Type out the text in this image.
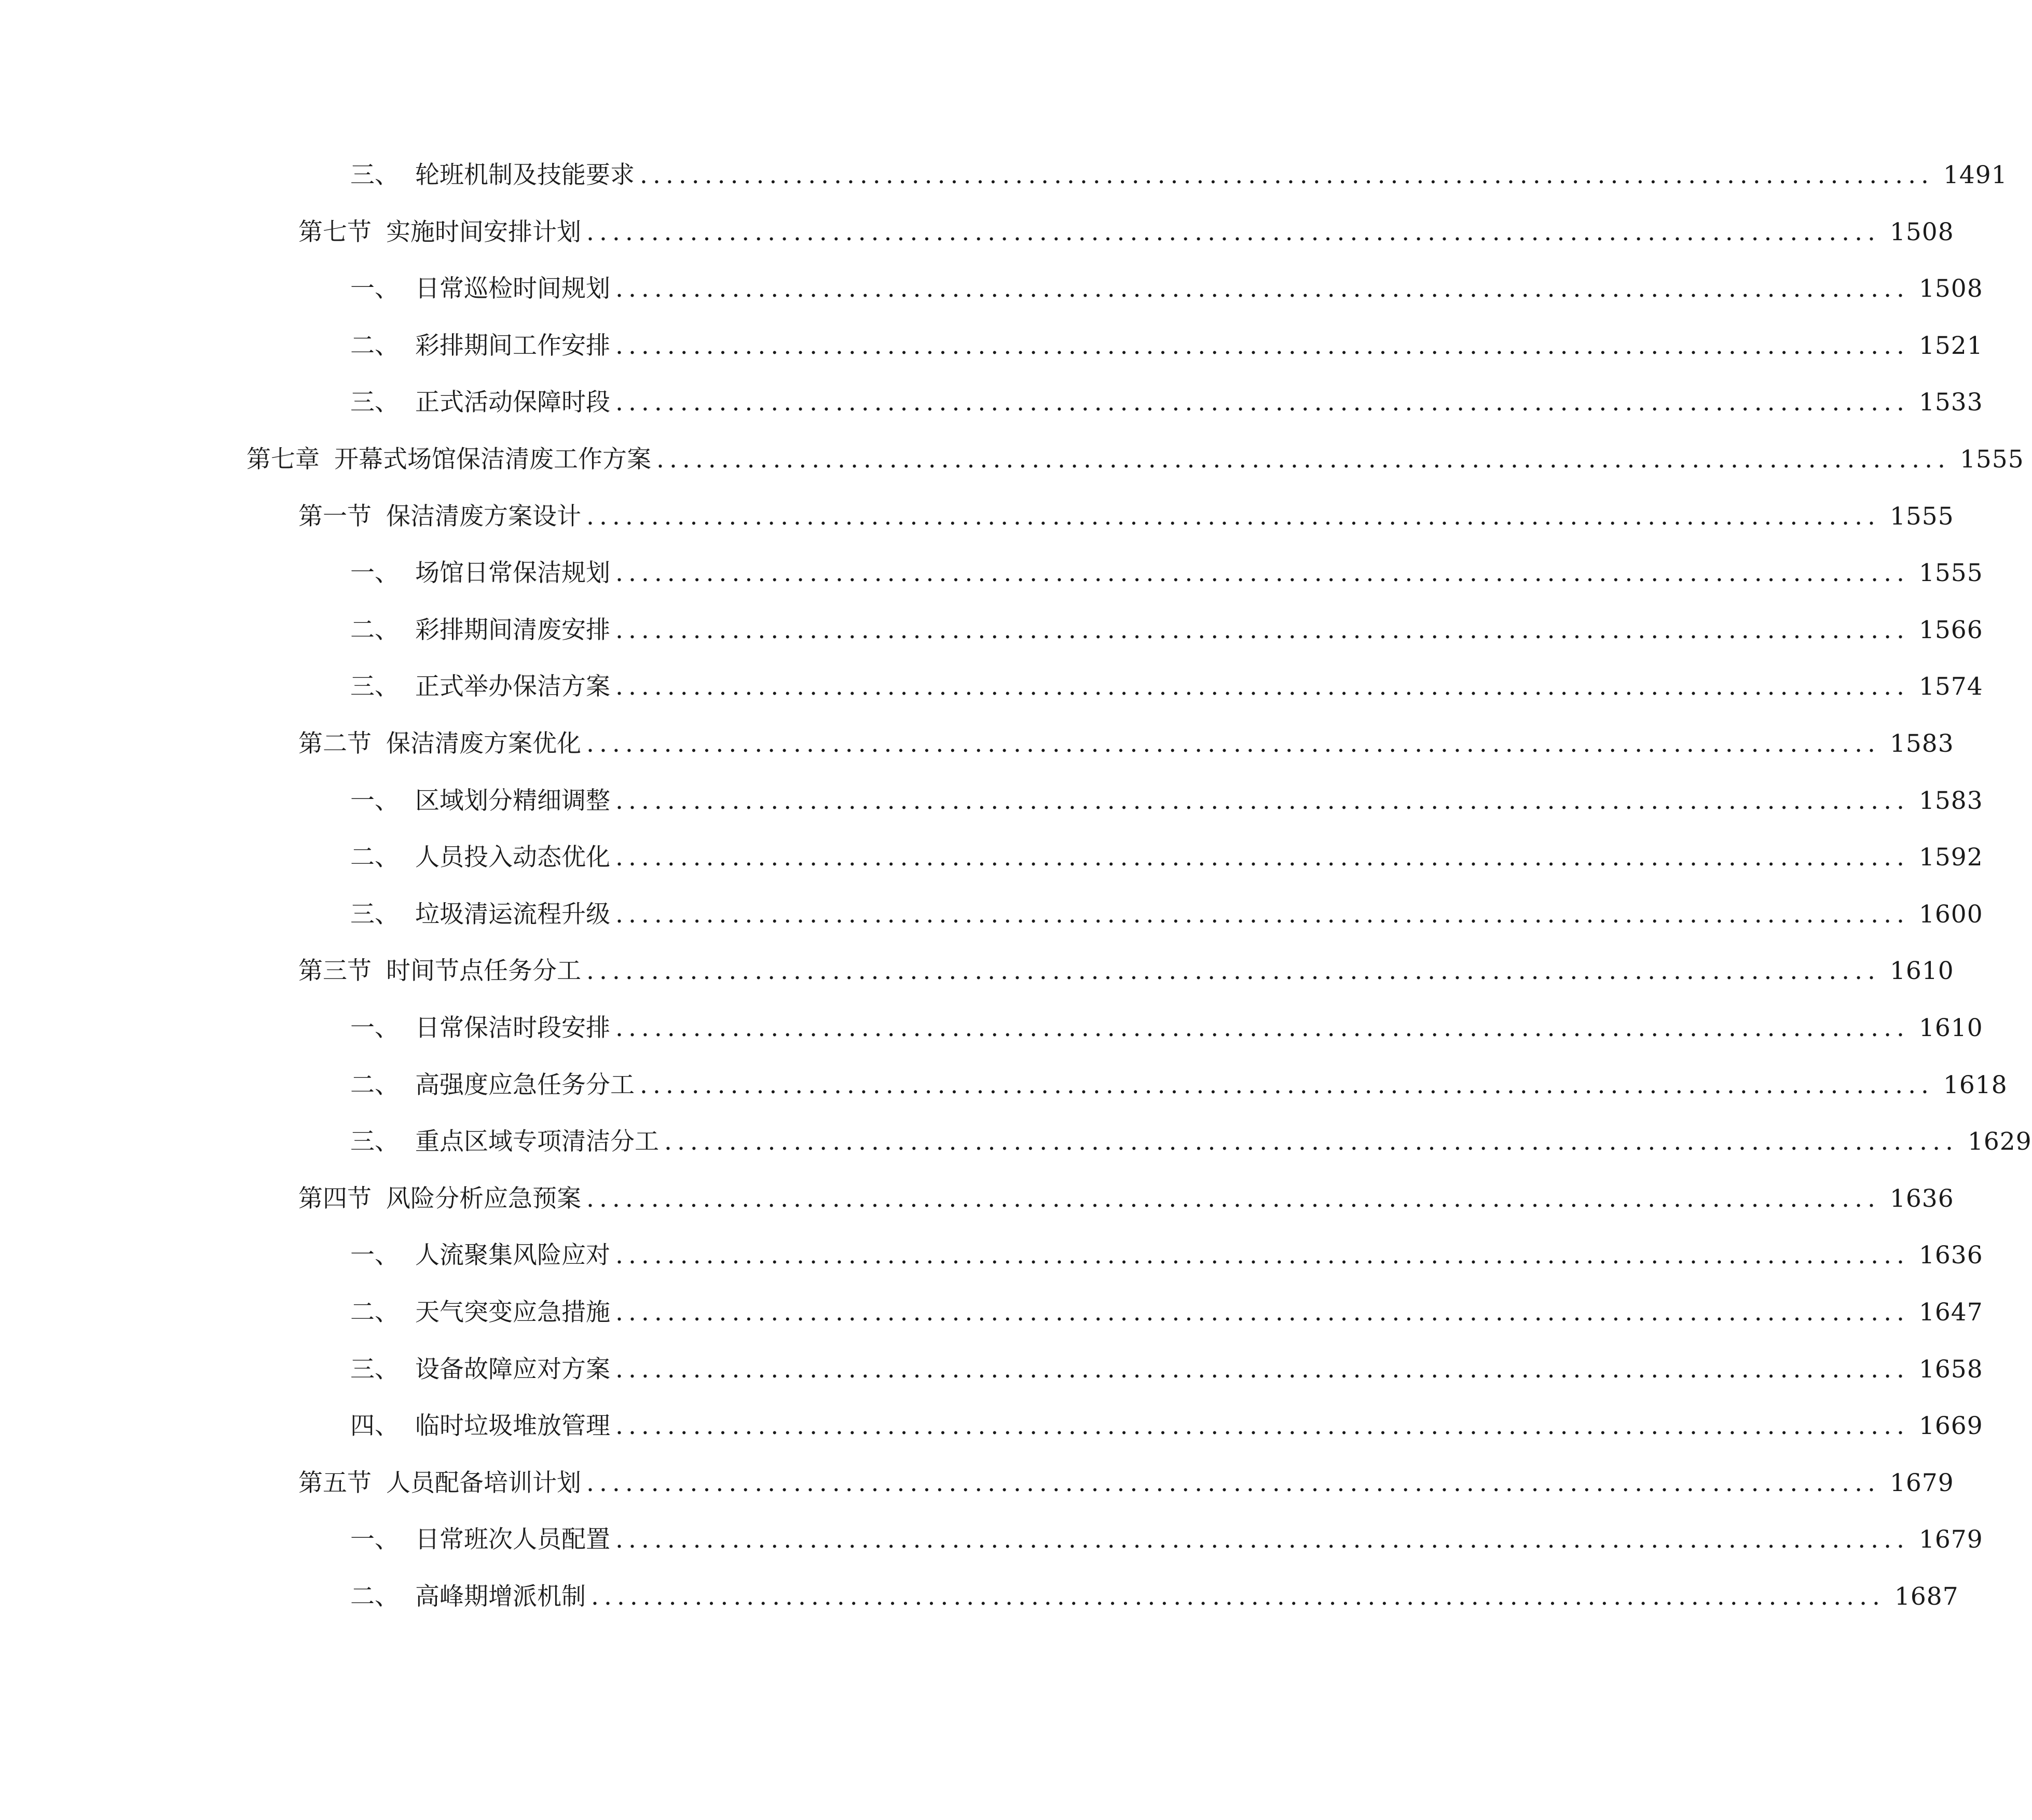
三、 轮班机制及技能要求 .................................................................................................... 1491
第七节 实施时间安排计划 .................................................................................................... 1508
一、 日常巡检时间规划 .................................................................................................... 1508
二、 彩排期间工作安排 .................................................................................................... 1521
三、 正式活动保障时段 .................................................................................................... 1533
第七章 开幕式场馆保洁清废工作方案 .................................................................................................... 1555
第一节 保洁清废方案设计 .................................................................................................... 1555
一、 场馆日常保洁规划 .................................................................................................... 1555
二、 彩排期间清废安排 .................................................................................................... 1566
三、 正式举办保洁方案 .................................................................................................... 1574
第二节 保洁清废方案优化 .................................................................................................... 1583
一、 区域划分精细调整 .................................................................................................... 1583
二、 人员投入动态优化 .................................................................................................... 1592
三、 垃圾清运流程升级 .................................................................................................... 1600
第三节 时间节点任务分工 .................................................................................................... 1610
一、 日常保洁时段安排 .................................................................................................... 1610
二、 高强度应急任务分工 .................................................................................................... 1618
三、 重点区域专项清洁分工 .................................................................................................... 1629
第四节 风险分析应急预案 .................................................................................................... 1636
一、 人流聚集风险应对 .................................................................................................... 1636
二、 天气突变应急措施 .................................................................................................... 1647
三、 设备故障应对方案 .................................................................................................... 1658
四、 临时垃圾堆放管理 .................................................................................................... 1669
第五节 人员配备培训计划 .................................................................................................... 1679
一、 日常班次人员配置 .................................................................................................... 1679
二、 高峰期增派机制 .................................................................................................... 1687
